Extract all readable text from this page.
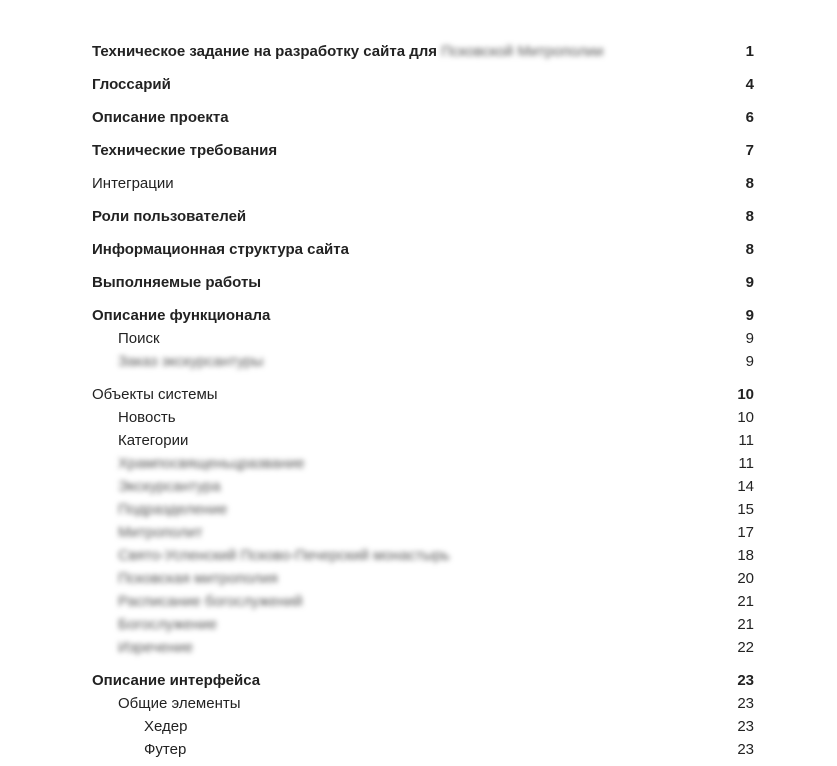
Техническое задание на разработку сайта для Псковской Митрополии	1
Глоссарий	4
Описание проекта	6
Технические требования	7
Интеграции	8
Роли пользователей	8
Информационная структура сайта	8
Выполняемые работы	9
Описание функционала	9
Поиск	9
Заказ экскурсантуры	9
Объекты системы	10
Новость	10
Категории	11
Хрампосвященьцразвание	11
Экскурсантура	14
Подразделение	15
Митрополит	17
Свято-Успенский Псково-Печерский монастырь	18
Псковская митрополия	20
Расписание богослужений	21
Богослужение	21
Изречение	22
Описание интерфейса	23
Общие элементы	23
Хедер	23
Футер	23
